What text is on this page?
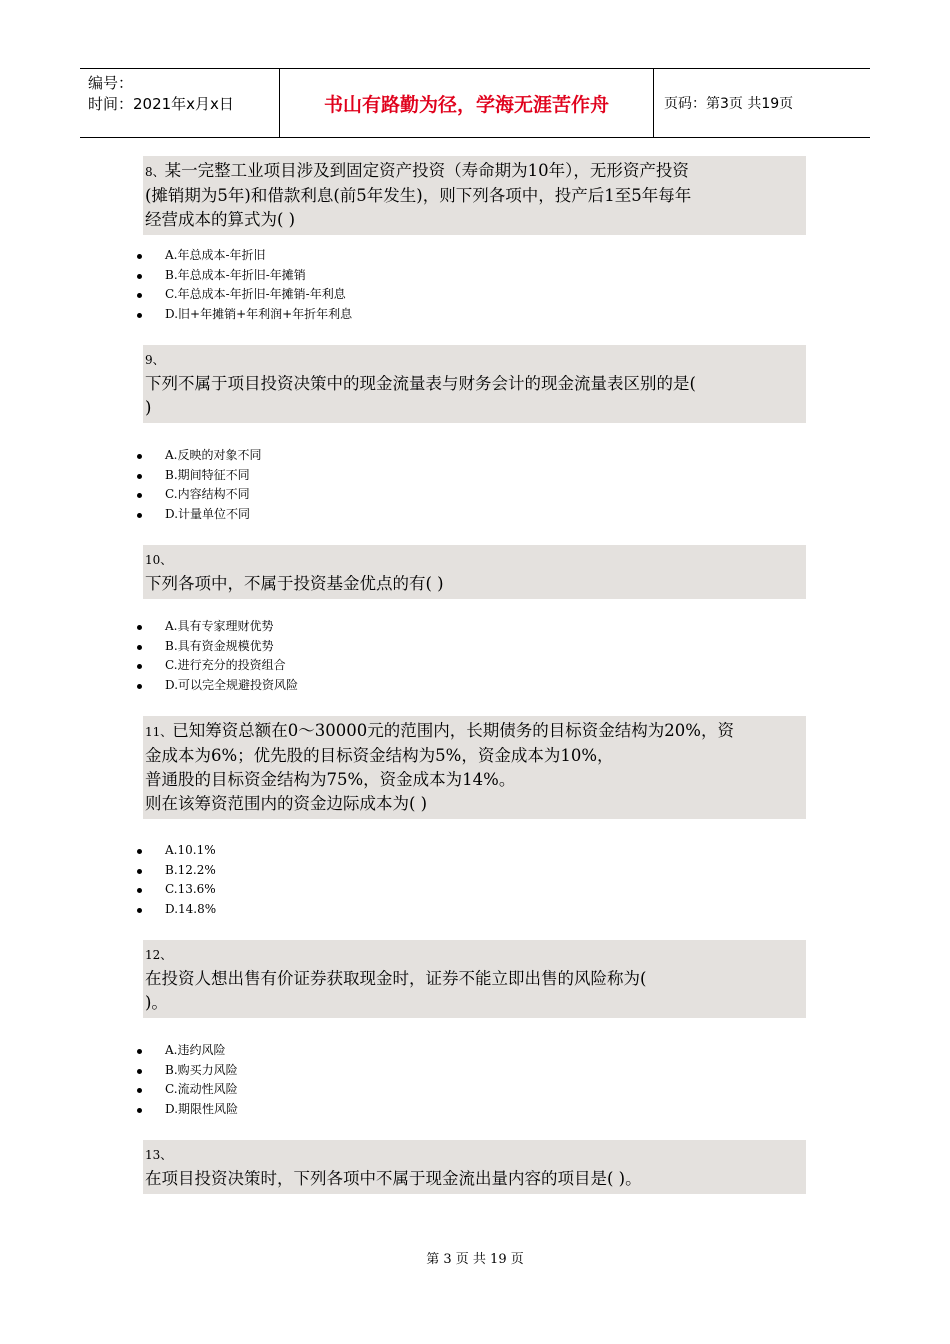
编号：
时间：2021年x月x日	书山有路勤为径，学海无涯苦作舟	页码：第3页 共19页
8、某一完整工业项目涉及到固定资产投资（寿命期为10年），无形资产投资
(摊销期为5年)和借款利息(前5年发生)，则下列各项中，投产后1至5年每年
经营成本的算式为( )
A.年总成本-年折旧
B.年总成本-年折旧-年摊销
C.年总成本-年折旧-年摊销-年利息
D.旧+年摊销+年利润+年折年利息
9、
下列不属于项目投资决策中的现金流量表与财务会计的现金流量表区别的是(
)
A.反映的对象不同
B.期间特征不同
C.内容结构不同
D.计量单位不同
10、
下列各项中，不属于投资基金优点的有( )
A.具有专家理财优势
B.具有资金规模优势
C.进行充分的投资组合
D.可以完全规避投资风险
11、已知筹资总额在0～30000元的范围内，长期债务的目标资金结构为20%，资
金成本为6%；优先股的目标资金结构为5%，资金成本为10%，
普通股的目标资金结构为75%，资金成本为14%。
则在该筹资范围内的资金边际成本为( )
A.10.1%
B.12.2%
C.13.6%
D.14.8%
12、
在投资人想出售有价证券获取现金时，证券不能立即出售的风险称为(
)。
A.违约风险
B.购买力风险
C.流动性风险
D.期限性风险
13、
在项目投资决策时，下列各项中不属于现金流出量内容的项目是( )。
第 3 页 共 19 页
